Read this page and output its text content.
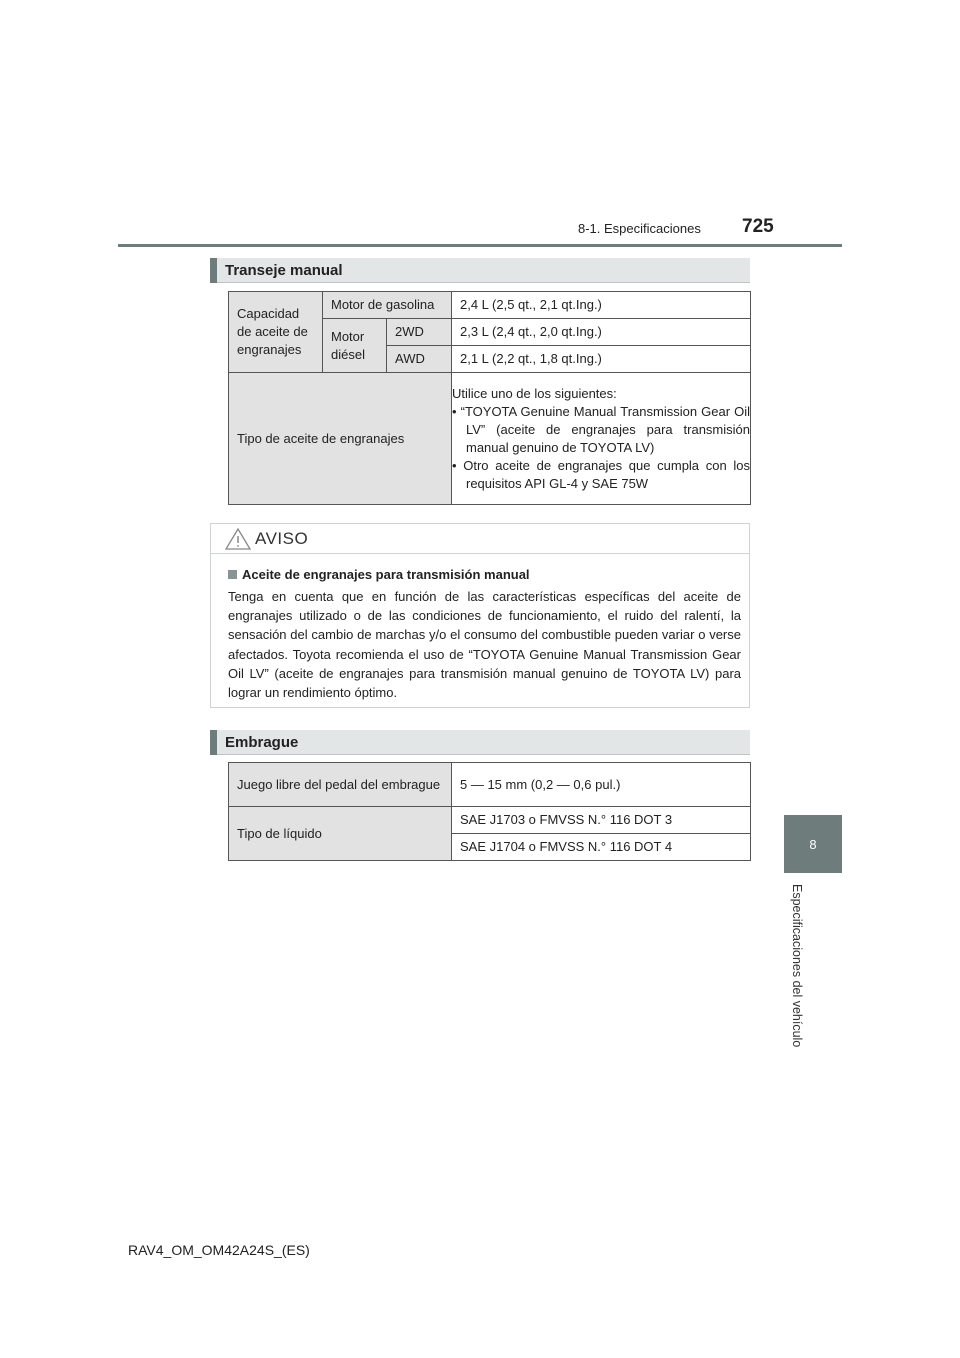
8-1. Especificaciones 725
8
Especificaciones del vehículo
Transeje manual
Capacidad de aceite de engranajes	Motor de gasolina		2,4 L (2,5 qt., 2,1 qt.Ing.)
	Motor diésel	2WD	2,3 L (2,4 qt., 2,0 qt.Ing.)
		AWD	2,1 L (2,2 qt., 1,8 qt.Ing.)
Tipo de aceite de engranajes			Utilice uno de los siguientes:
• “TOYOTA Genuine Manual Transmission Gear Oil LV” (aceite de engranajes para transmisión manual genuino de TOYOTA LV)
• Otro aceite de engranajes que cumpla con los requisitos API GL-4 y SAE 75W
AVISO
Aceite de engranajes para transmisión manual
Tenga en cuenta que en función de las características específicas del aceite de engranajes utilizado o de las condiciones de funcionamiento, el ruido del ralentí, la sensación del cambio de marchas y/o el consumo del combustible pueden variar o verse afectados. Toyota recomienda el uso de “TOYOTA Genuine Manual Transmission Gear Oil LV” (aceite de engranajes para transmisión manual genuino de TOYOTA LV) para lograr un rendimiento óptimo.
Embrague
Juego libre del pedal del embrague	5 — 15 mm (0,2 — 0,6 pul.)
Tipo de líquido	SAE J1703 o FMVSS N.° 116 DOT 3
	SAE J1704 o FMVSS N.° 116 DOT 4
RAV4_OM_OM42A24S_(ES)
